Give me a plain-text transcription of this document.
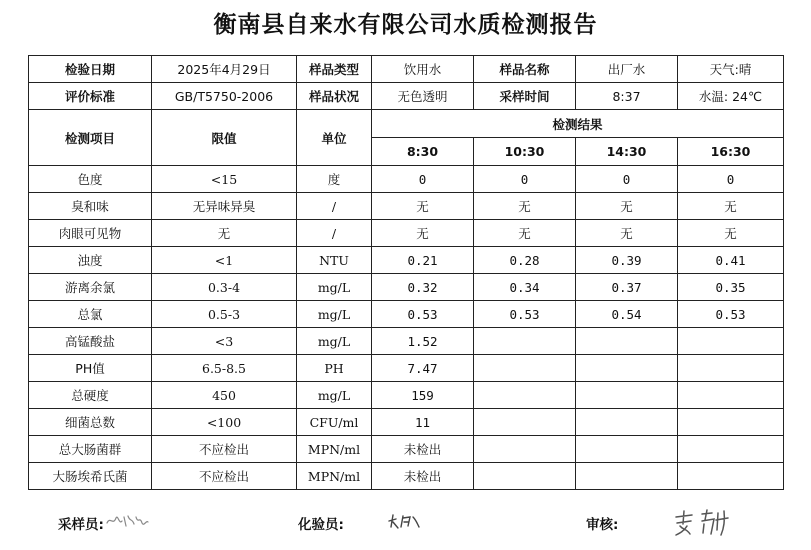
衡南县自来水有限公司水质检测报告
检验日期	2025年4月29日	样品类型	饮用水	样品名称	出厂水	天气:晴
评价标准	GB/T5750-2006	样品状况	无色透明	采样时间	8:37	水温: 24℃
检测项目	限值	单位	检测结果			
			8:30	10:30	14:30	16:30
色度	<15	度	0	0	0	0
臭和味	无异味异臭	/	无	无	无	无
肉眼可见物	无	/	无	无	无	无
浊度	<1	NTU	0.21	0.28	0.39	0.41
游离余氯	0.3-4	mg/L	0.32	0.34	0.37	0.35
总氯	0.5-3	mg/L	0.53	0.53	0.54	0.53
高锰酸盐	<3	mg/L	1.52			
PH值	6.5-8.5	PH	7.47			
总硬度	450	mg/L	159			
细菌总数	<100	CFU/ml	11			
总大肠菌群	不应检出	MPN/ml	未检出			
大肠埃希氏菌	不应检出	MPN/ml	未检出			
采样员:	化验员:	审核:
